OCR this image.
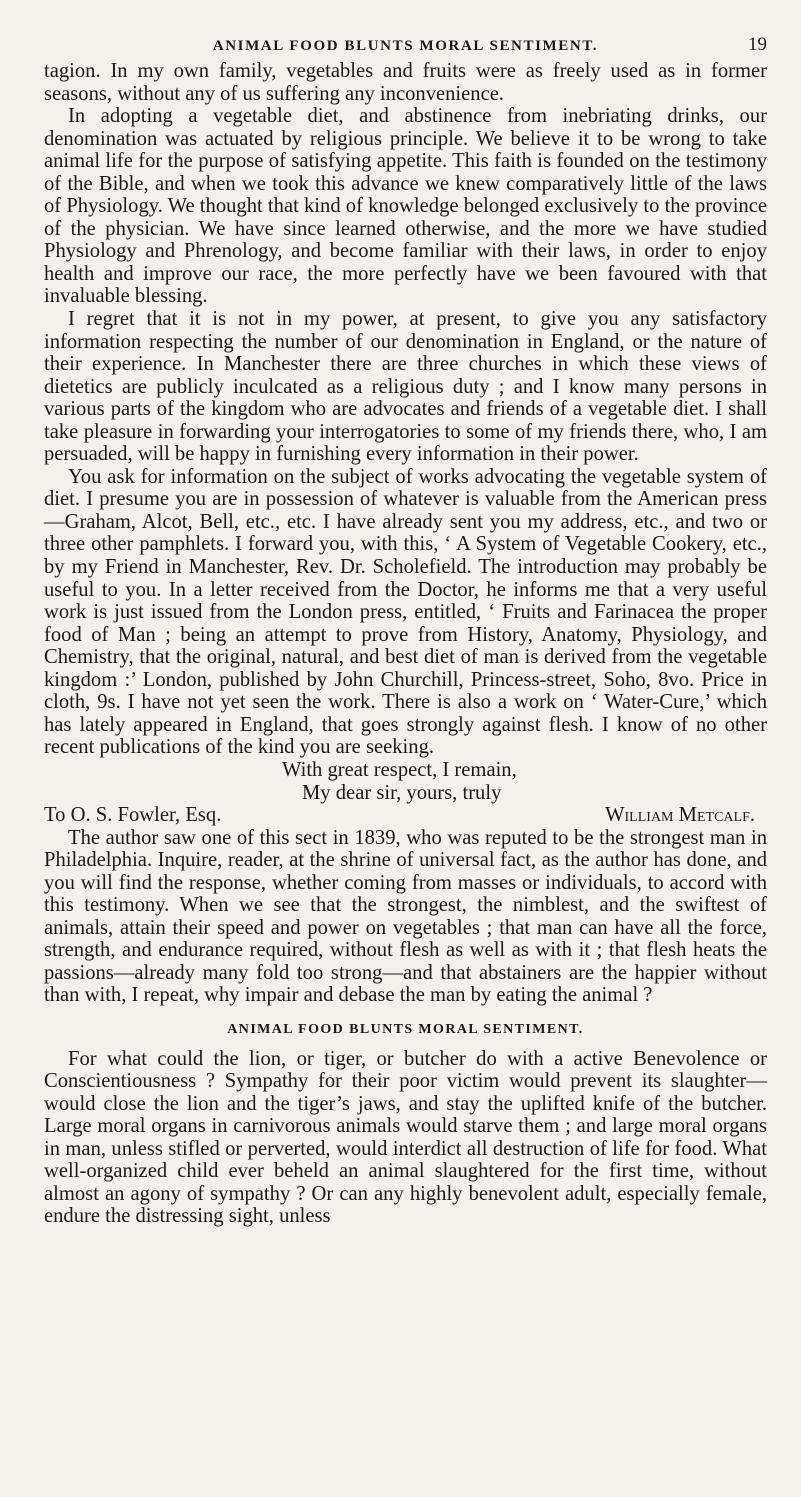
ANIMAL FOOD BLUNTS MORAL SENTIMENT.	19

tagion. In my own family, vegetables and fruits were as freely used as in former seasons, without any of us suffering any inconvenience.

In adopting a vegetable diet, and abstinence from inebriating drinks, our denomination was actuated by religious principle. We believe it to be wrong to take animal life for the purpose of satisfying appetite. This faith is founded on the testimony of the Bible, and when we took this advance we knew comparatively little of the laws of Physiology. We thought that kind of knowledge belonged exclusively to the province of the physician. We have since learned otherwise, and the more we have studied Physiology and Phrenology, and become familiar with their laws, in order to enjoy health and improve our race, the more perfectly have we been favoured with that invaluable blessing.

I regret that it is not in my power, at present, to give you any satisfactory information respecting the number of our denomination in England, or the nature of their experience. In Manchester there are three churches in which these views of dietetics are publicly inculcated as a religious duty ; and I know many persons in various parts of the kingdom who are advocates and friends of a vegetable diet. I shall take pleasure in forwarding your interrogatories to some of my friends there, who, I am persuaded, will be happy in furnishing every information in their power.

You ask for information on the subject of works advocating the vegetable system of diet. I presume you are in possession of whatever is valuable from the American press—Graham, Alcot, Bell, etc., etc. I have already sent you my address, etc., and two or three other pamphlets. I forward you, with this, ‘ A System of Vegetable Cookery, etc., by my Friend in Manchester, Rev. Dr. Scholefield. The introduction may probably be useful to you. In a letter received from the Doctor, he informs me that a very useful work is just issued from the London press, entitled, ‘ Fruits and Farinacea the proper food of Man ; being an attempt to prove from History, Anatomy, Physiology, and Chemistry, that the original, natural, and best diet of man is derived from the vegetable kingdom :’ London, published by John Churchill, Princess-street, Soho, 8vo. Price in cloth, 9s. I have not yet seen the work. There is also a work on ‘ Water-Cure,’ which has lately appeared in England, that goes strongly against flesh. I know of no other recent publications of the kind you are seeking.

With great respect, I remain,
My dear sir, yours, truly
To O. S. Fowler, Esq.	William Metcalf.

The author saw one of this sect in 1839, who was reputed to be the strongest man in Philadelphia. Inquire, reader, at the shrine of universal fact, as the author has done, and you will find the response, whether coming from masses or individuals, to accord with this testimony. When we see that the strongest, the nimblest, and the swiftest of animals, attain their speed and power on vegetables ; that man can have all the force, strength, and endurance required, without flesh as well as with it ; that flesh heats the passions—already many fold too strong—and that abstainers are the happier without than with, I repeat, why impair and debase the man by eating the animal ?

ANIMAL FOOD BLUNTS MORAL SENTIMENT.

For what could the lion, or tiger, or butcher do with a active Benevolence or Conscientiousness ? Sympathy for their poor victim would prevent its slaughter—would close the lion and the tiger’s jaws, and stay the uplifted knife of the butcher. Large moral organs in carnivorous animals would starve them ; and large moral organs in man, unless stifled or perverted, would interdict all destruction of life for food. What well-organized child ever beheld an animal slaughtered for the first time, without almost an agony of sympathy ? Or can any highly benevolent adult, especially female, endure the distressing sight, unless
